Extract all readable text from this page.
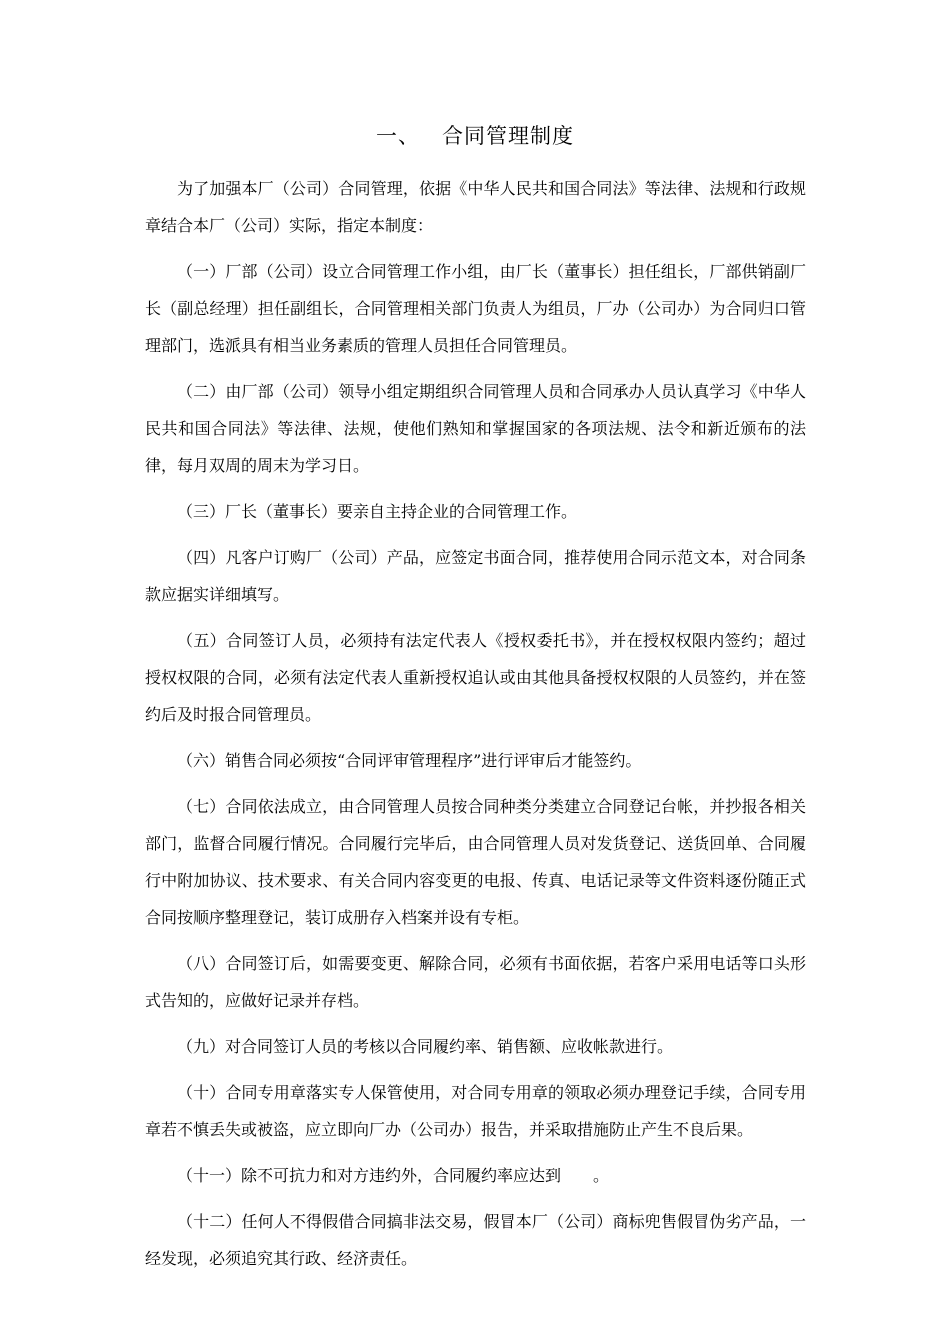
一、 合同管理制度

为了加强本厂（公司）合同管理，依据《中华人民共和国合同法》等法律、法规和行政规章结合本厂（公司）实际，指定本制度：

（一）厂部（公司）设立合同管理工作小组，由厂长（董事长）担任组长，厂部供销副厂长（副总经理）担任副组长，合同管理相关部门负责人为组员，厂办（公司办）为合同归口管理部门，选派具有相当业务素质的管理人员担任合同管理员。

（二）由厂部（公司）领导小组定期组织合同管理人员和合同承办人员认真学习《中华人民共和国合同法》等法律、法规，使他们熟知和掌握国家的各项法规、法令和新近颁布的法律，每月双周的周末为学习日。

（三）厂长（董事长）要亲自主持企业的合同管理工作。

（四）凡客户订购厂（公司）产品，应签定书面合同，推荐使用合同示范文本，对合同条款应据实详细填写。

（五）合同签订人员，必须持有法定代表人《授权委托书》，并在授权权限内签约；超过授权权限的合同，必须有法定代表人重新授权追认或由其他具备授权权限的人员签约，并在签约后及时报合同管理员。

（六）销售合同必须按“合同评审管理程序”进行评审后才能签约。

（七）合同依法成立，由合同管理人员按合同种类分类建立合同登记台帐，并抄报各相关部门，监督合同履行情况。合同履行完毕后，由合同管理人员对发货登记、送货回单、合同履行中附加协议、技术要求、有关合同内容变更的电报、传真、电话记录等文件资料逐份随正式合同按顺序整理登记，装订成册存入档案并设有专柜。

（八）合同签订后，如需要变更、解除合同，必须有书面依据，若客户采用电话等口头形式告知的，应做好记录并存档。

（九）对合同签订人员的考核以合同履约率、销售额、应收帐款进行。

（十）合同专用章落实专人保管使用，对合同专用章的领取必须办理登记手续，合同专用章若不慎丢失或被盗，应立即向厂办（公司办）报告，并采取措施防止产生不良后果。

（十一）除不可抗力和对方违约外，合同履约率应达到　　。

（十二）任何人不得假借合同搞非法交易，假冒本厂（公司）商标兜售假冒伪劣产品，一经发现，必须追究其行政、经济责任。
